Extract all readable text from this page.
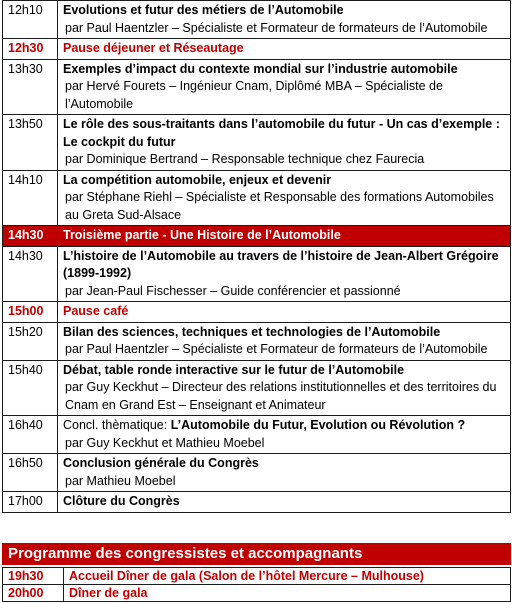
12h10	Evolutions et futur des métiers de l’Automobile
par Paul Haentzler – Spécialiste et Formateur de formateurs de l’Automobile

12h30	Pause déjeuner et Réseautage
13h30	Exemples d’impact du contexte mondial sur l’industrie automobile
par Hervé Fourets – Ingénieur Cnam, Diplômé MBA – Spécialiste de l’Automobile

13h50	Le rôle des sous-traitants dans l’automobile du futur - Un cas d’exemple : Le cockpit du futur
par Dominique Bertrand – Responsable technique chez Faurecia

14h10	La compétition automobile, enjeux et devenir
par Stéphane Riehl – Spécialiste et Responsable des formations Automobiles au Greta Sud-Alsace

14h30	Troisième partie - Une Histoire de l’Automobile
14h30	L’histoire de l’Automobile au travers de l’histoire de Jean-Albert Grégoire (1899-1992)
par Jean-Paul Fischesser – Guide conférencier et passionné

15h00	Pause café
15h20	Bilan des sciences, techniques et technologies de l’Automobile
par Paul Haentzler – Spécialiste et Formateur de formateurs de l’Automobile

15h40	Débat, table ronde interactive sur le futur de l’Automobile
par Guy Keckhut – Directeur des relations institutionnelles et des territoires du Cnam en Grand Est – Enseignant et Animateur

16h40	Concl. thèmatique: L’Automobile du Futur, Evolution ou Révolution ?
par Guy Keckhut et Mathieu Moebel

16h50	Conclusion générale du Congrès
par Mathieu Moebel

17h00	Clôture du Congrès
Programme des congressistes et accompagnants
19h30	Accueil Dîner de gala (Salon de l’hôtel Mercure – Mulhouse)
20h00	Dîner de gala
